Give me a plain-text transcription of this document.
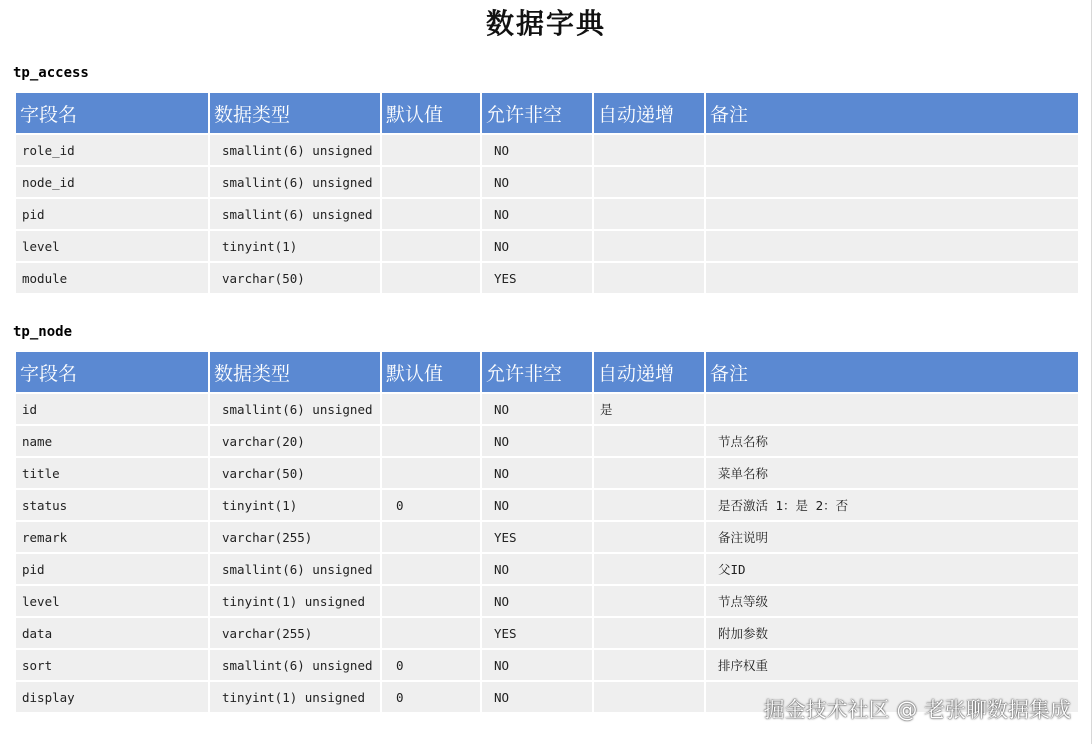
数据字典
tp_access
字段名	数据类型	默认值	允许非空	自动递增	备注
role_id	smallint(6) unsigned		NO		
node_id	smallint(6) unsigned		NO		
pid	smallint(6) unsigned		NO		
level	tinyint(1)		NO		
module	varchar(50)		YES		
tp_node
字段名	数据类型	默认值	允许非空	自动递增	备注
id	smallint(6) unsigned		NO	是	
name	varchar(20)		NO		节点名称
title	varchar(50)		NO		菜单名称
status	tinyint(1)	0	NO		是否激活 1：是 2：否
remark	varchar(255)		YES		备注说明
pid	smallint(6) unsigned		NO		父ID
level	tinyint(1) unsigned		NO		节点等级
data	varchar(255)		YES		附加参数
sort	smallint(6) unsigned	0	NO		排序权重
display	tinyint(1) unsigned	0	NO		
掘金技术社区 @ 老张聊数据集成
